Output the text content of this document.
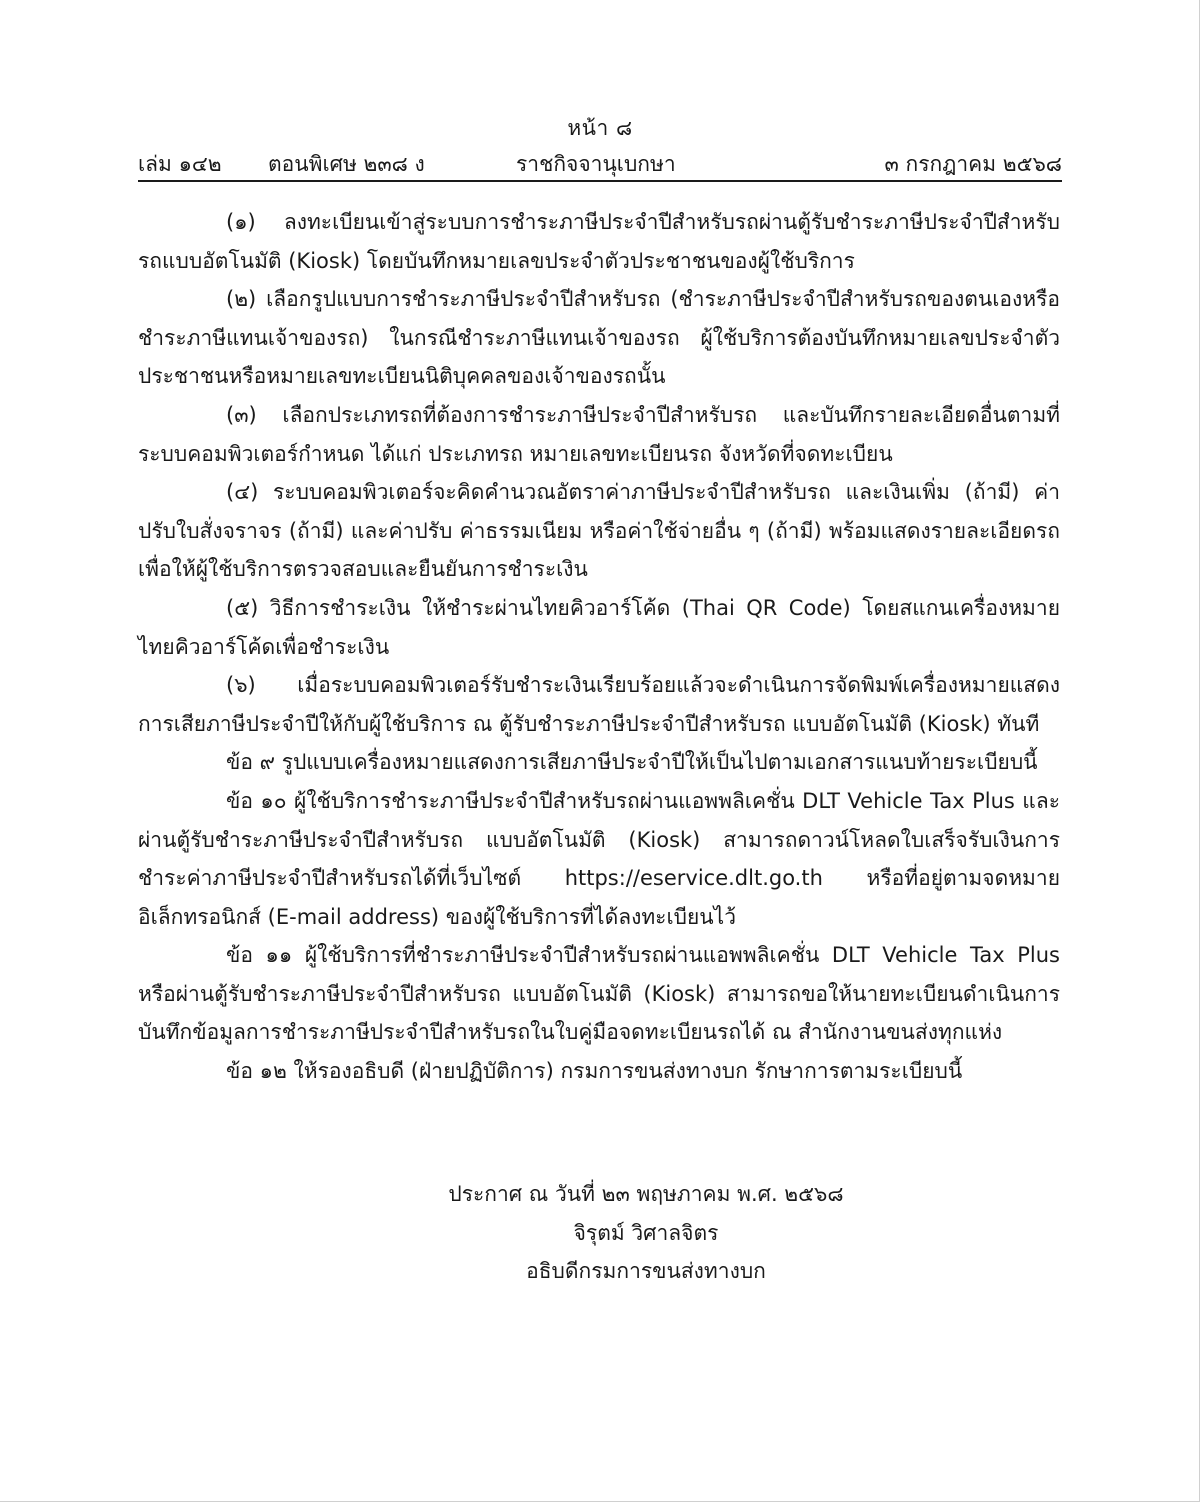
หน้า ๘
เล่ม ๑๔๒ ตอนพิเศษ ๒๓๘ ง	ราชกิจจานุเบกษา	๓ กรกฎาคม ๒๕๖๘

(๑) ลงทะเบียนเข้าสู่ระบบการชำระภาษีประจำปีสำหรับรถผ่านตู้รับชำระภาษีประจำปีสำหรับรถแบบอัตโนมัติ (Kiosk) โดยบันทึกหมายเลขประจำตัวประชาชนของผู้ใช้บริการ

(๒) เลือกรูปแบบการชำระภาษีประจำปีสำหรับรถ (ชำระภาษีประจำปีสำหรับรถของตนเองหรือชำระภาษีแทนเจ้าของรถ) ในกรณีชำระภาษีแทนเจ้าของรถ ผู้ใช้บริการต้องบันทึกหมายเลขประจำตัวประชาชนหรือหมายเลขทะเบียนนิติบุคคลของเจ้าของรถนั้น

(๓) เลือกประเภทรถที่ต้องการชำระภาษีประจำปีสำหรับรถ และบันทึกรายละเอียดอื่นตามที่ระบบคอมพิวเตอร์กำหนด ได้แก่ ประเภทรถ หมายเลขทะเบียนรถ จังหวัดที่จดทะเบียน

(๔) ระบบคอมพิวเตอร์จะคิดคำนวณอัตราค่าภาษีประจำปีสำหรับรถ และเงินเพิ่ม (ถ้ามี) ค่าปรับใบสั่งจราจร (ถ้ามี) และค่าปรับ ค่าธรรมเนียม หรือค่าใช้จ่ายอื่น ๆ (ถ้ามี) พร้อมแสดงรายละเอียดรถเพื่อให้ผู้ใช้บริการตรวจสอบและยืนยันการชำระเงิน

(๕) วิธีการชำระเงิน ให้ชำระผ่านไทยคิวอาร์โค้ด (Thai QR Code) โดยสแกนเครื่องหมายไทยคิวอาร์โค้ดเพื่อชำระเงิน

(๖) เมื่อระบบคอมพิวเตอร์รับชำระเงินเรียบร้อยแล้วจะดำเนินการจัดพิมพ์เครื่องหมายแสดงการเสียภาษีประจำปีให้กับผู้ใช้บริการ ณ ตู้รับชำระภาษีประจำปีสำหรับรถ แบบอัตโนมัติ (Kiosk) ทันที

ข้อ ๙ รูปแบบเครื่องหมายแสดงการเสียภาษีประจำปีให้เป็นไปตามเอกสารแนบท้ายระเบียบนี้

ข้อ ๑๐ ผู้ใช้บริการชำระภาษีประจำปีสำหรับรถผ่านแอพพลิเคชั่น DLT Vehicle Tax Plus และผ่านตู้รับชำระภาษีประจำปีสำหรับรถ แบบอัตโนมัติ (Kiosk) สามารถดาวน์โหลดใบเสร็จรับเงินการชำระค่าภาษีประจำปีสำหรับรถได้ที่เว็บไซต์ https://eservice.dlt.go.th หรือที่อยู่ตามจดหมายอิเล็กทรอนิกส์ (E-mail address) ของผู้ใช้บริการที่ได้ลงทะเบียนไว้

ข้อ ๑๑ ผู้ใช้บริการที่ชำระภาษีประจำปีสำหรับรถผ่านแอพพลิเคชั่น DLT Vehicle Tax Plus หรือผ่านตู้รับชำระภาษีประจำปีสำหรับรถ แบบอัตโนมัติ (Kiosk) สามารถขอให้นายทะเบียนดำเนินการบันทึกข้อมูลการชำระภาษีประจำปีสำหรับรถในใบคู่มือจดทะเบียนรถได้ ณ สำนักงานขนส่งทุกแห่ง

ข้อ ๑๒ ให้รองอธิบดี (ฝ่ายปฏิบัติการ) กรมการขนส่งทางบก รักษาการตามระเบียบนี้

ประกาศ ณ วันที่ ๒๓ พฤษภาคม พ.ศ. ๒๕๖๘
จิรุตม์ วิศาลจิตร
อธิบดีกรมการขนส่งทางบก
